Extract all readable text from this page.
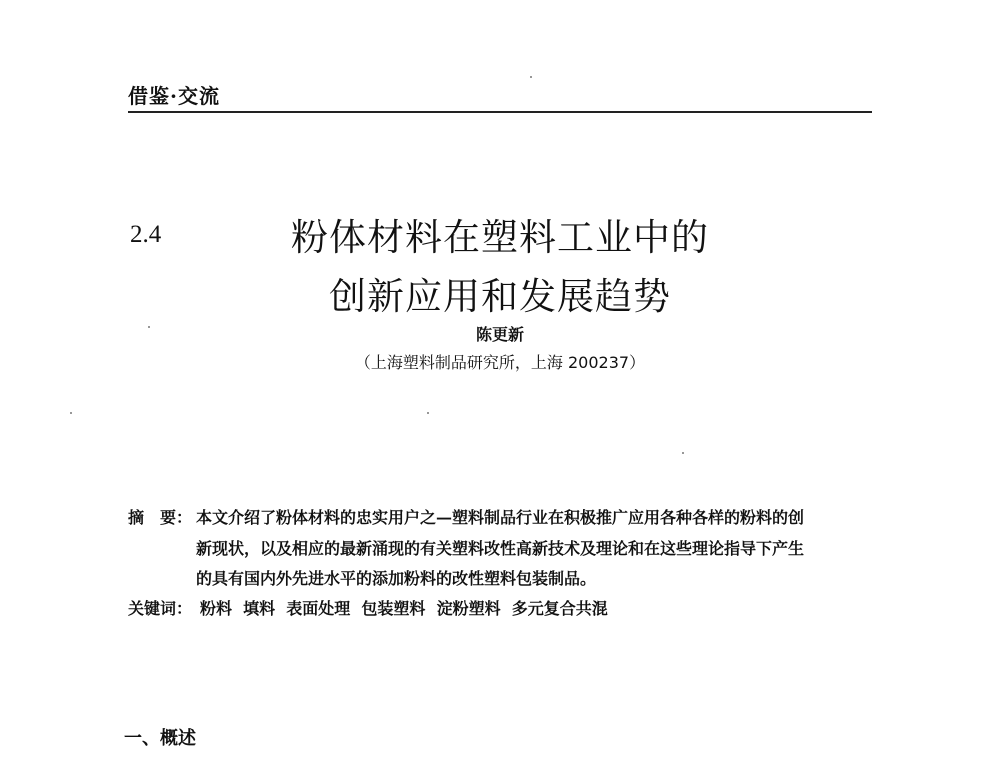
借鉴·交流
2.4	粉体材料在塑料工业中的
创新应用和发展趋势
陈更新
（上海塑料制品研究所，上海 200237）
摘　要： 本文介绍了粉体材料的忠实用户之—塑料制品行业在积极推广应用各种各样的粉料的创
新现状，以及相应的最新涌现的有关塑料改性高新技术及理论和在这些理论指导下产生
的具有国内外先进水平的添加粉料的改性塑料包装制品。
关键词： 粉料  填料  表面处理  包装塑料  淀粉塑料  多元复合共混
一、概述
